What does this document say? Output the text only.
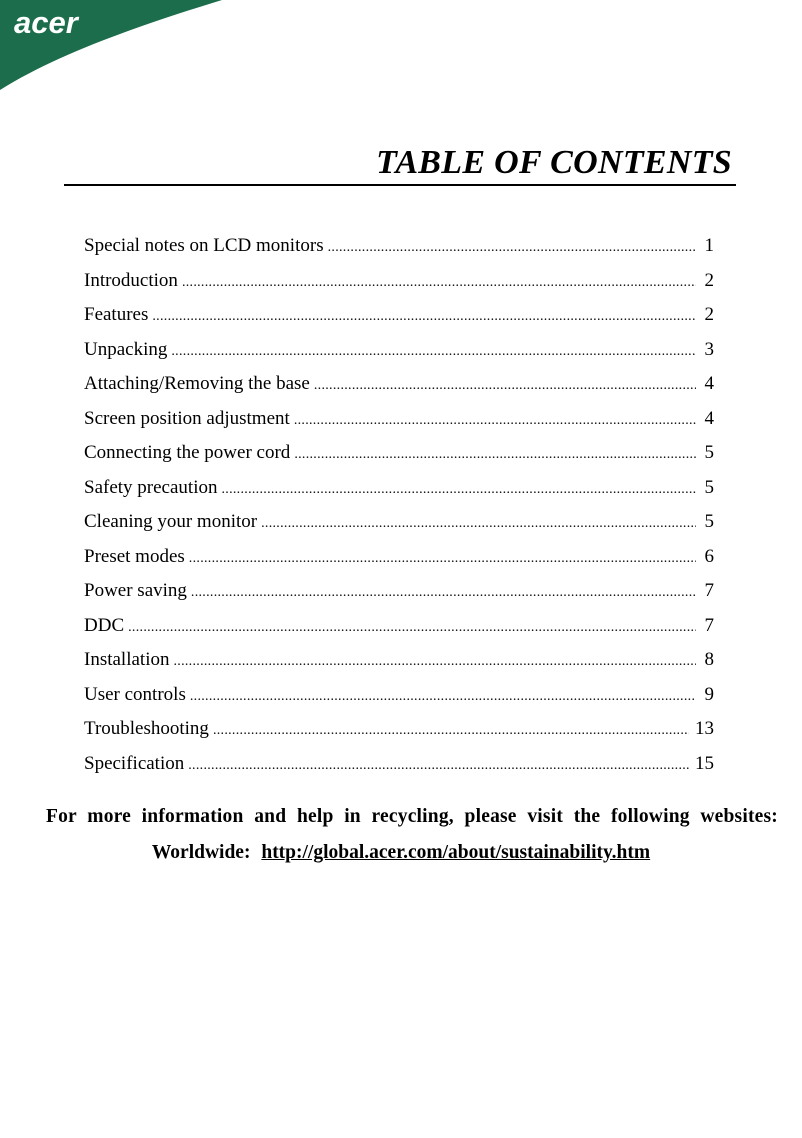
acer
TABLE OF CONTENTS
Special notes on LCD monitors .....	1
Introduction .....	2
Features .....	2
Unpacking .....	3
Attaching/Removing the base .....	4
Screen position adjustment .....	4
Connecting the power cord .....	5
Safety precaution .....	5
Cleaning your monitor .....	5
Preset modes .....	6
Power saving .....	7
DDC .....	7
Installation .....	8
User controls .....	9
Troubleshooting .....	13
Specification .....	15
For more information and help in recycling, please visit the following websites:
Worldwide: http://global.acer.com/about/sustainability.htm
